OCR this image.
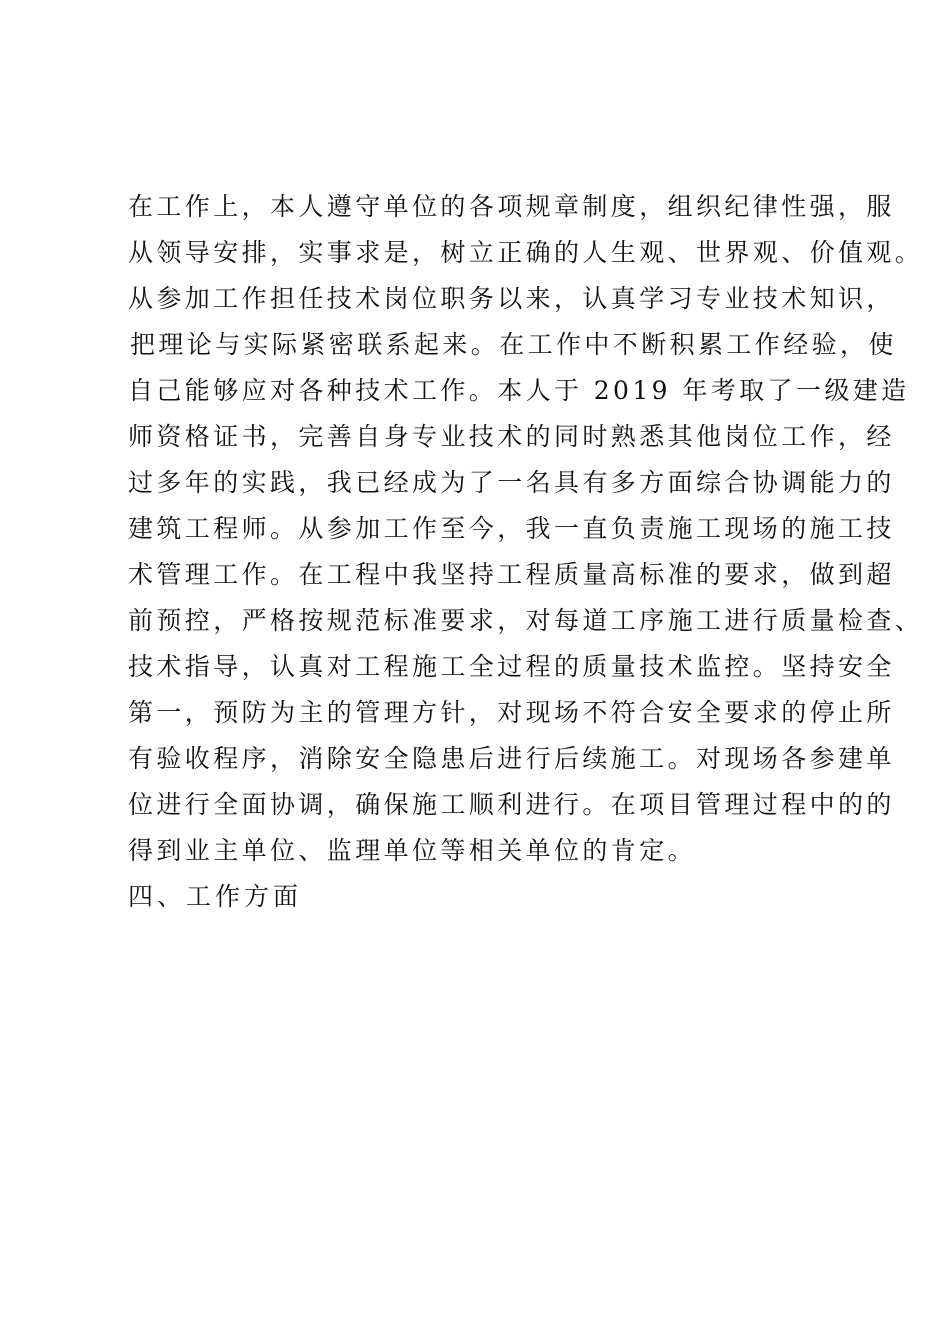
在工作上，本人遵守单位的各项规章制度，组织纪律性强，服
从领导安排，实事求是，树立正确的人生观、世界观、价值观。
从参加工作担任技术岗位职务以来，认真学习专业技术知识，
把理论与实际紧密联系起来。在工作中不断积累工作经验，使
自己能够应对各种技术工作。本人于 2019 年考取了一级建造
师资格证书，完善自身专业技术的同时熟悉其他岗位工作，经
过多年的实践，我已经成为了一名具有多方面综合协调能力的
建筑工程师。从参加工作至今，我一直负责施工现场的施工技
术管理工作。在工程中我坚持工程质量高标准的要求，做到超
前预控，严格按规范标准要求，对每道工序施工进行质量检查、
技术指导，认真对工程施工全过程的质量技术监控。坚持安全
第一，预防为主的管理方针，对现场不符合安全要求的停止所
有验收程序，消除安全隐患后进行后续施工。对现场各参建单
位进行全面协调，确保施工顺利进行。在项目管理过程中的的
得到业主单位、监理单位等相关单位的肯定。
四、工作方面
